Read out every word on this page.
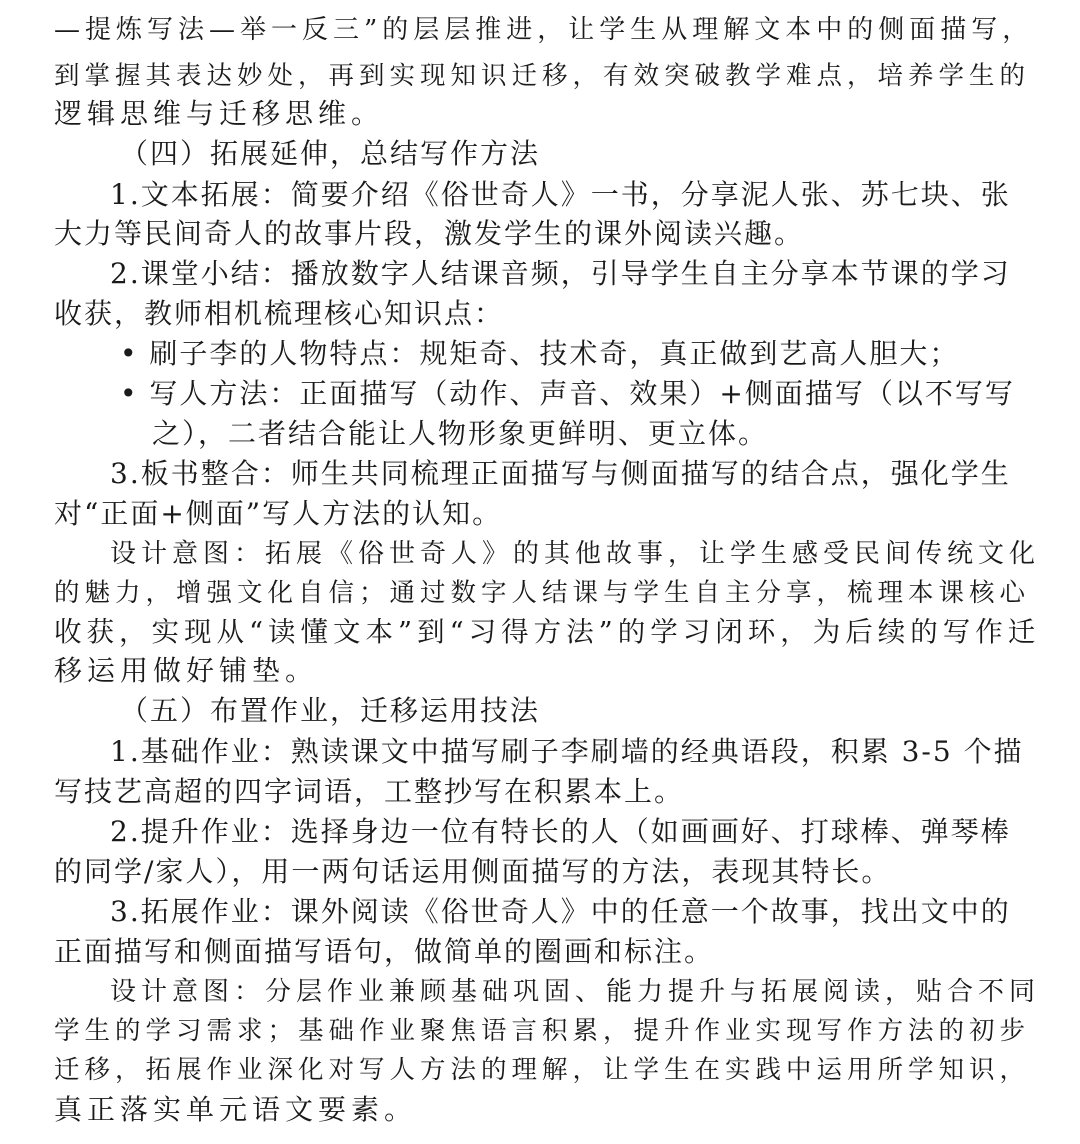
—提炼写法—举一反三”的层层推进，让学生从理解文本中的侧面描写，
到掌握其表达妙处，再到实现知识迁移，有效突破教学难点，培养学生的
逻辑思维与迁移思维。
（四）拓展延伸，总结写作方法
1.文本拓展：简要介绍《俗世奇人》一书，分享泥人张、苏七块、张
大力等民间奇人的故事片段，激发学生的课外阅读兴趣。
2.课堂小结：播放数字人结课音频，引导学生自主分享本节课的学习
收获，教师相机梳理核心知识点：
• 刷子李的人物特点：规矩奇、技术奇，真正做到艺高人胆大；
• 写人方法：正面描写（动作、声音、效果）+侧面描写（以不写写
之），二者结合能让人物形象更鲜明、更立体。
3.板书整合：师生共同梳理正面描写与侧面描写的结合点，强化学生
对“正面+侧面”写人方法的认知。
设计意图：拓展《俗世奇人》的其他故事，让学生感受民间传统文化
的魅力，增强文化自信；通过数字人结课与学生自主分享，梳理本课核心
收获，实现从“读懂文本”到“习得方法”的学习闭环，为后续的写作迁
移运用做好铺垫。
（五）布置作业，迁移运用技法
1.基础作业：熟读课文中描写刷子李刷墙的经典语段，积累 3-5 个描
写技艺高超的四字词语，工整抄写在积累本上。
2.提升作业：选择身边一位有特长的人（如画画好、打球棒、弹琴棒
的同学/家人），用一两句话运用侧面描写的方法，表现其特长。
3.拓展作业：课外阅读《俗世奇人》中的任意一个故事，找出文中的
正面描写和侧面描写语句，做简单的圈画和标注。
设计意图：分层作业兼顾基础巩固、能力提升与拓展阅读，贴合不同
学生的学习需求；基础作业聚焦语言积累，提升作业实现写作方法的初步
迁移，拓展作业深化对写人方法的理解，让学生在实践中运用所学知识，
真正落实单元语文要素。
